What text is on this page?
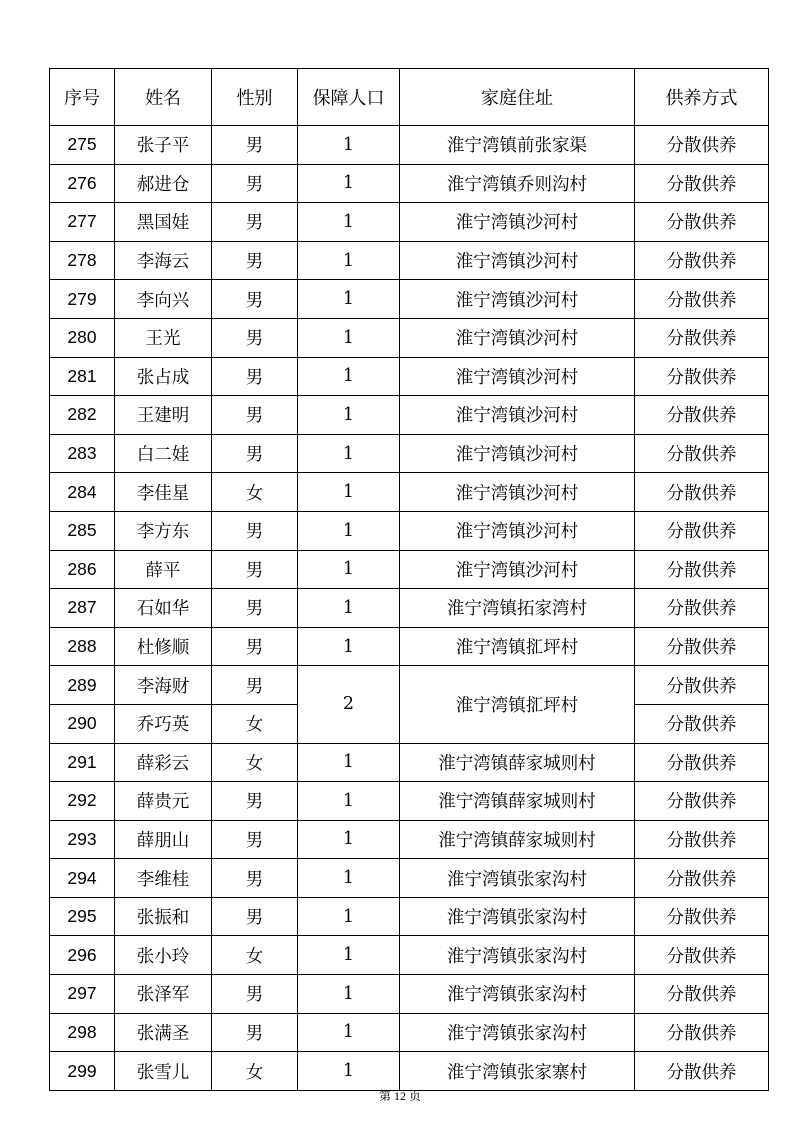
序号	姓名	性别	保障人口	家庭住址	供养方式
275	张子平	男	1	淮宁湾镇前张家渠	分散供养
276	郝进仓	男	1	淮宁湾镇乔则沟村	分散供养
277	黑国娃	男	1	淮宁湾镇沙河村	分散供养
278	李海云	男	1	淮宁湾镇沙河村	分散供养
279	李向兴	男	1	淮宁湾镇沙河村	分散供养
280	王光	男	1	淮宁湾镇沙河村	分散供养
281	张占成	男	1	淮宁湾镇沙河村	分散供养
282	王建明	男	1	淮宁湾镇沙河村	分散供养
283	白二娃	男	1	淮宁湾镇沙河村	分散供养
284	李佳星	女	1	淮宁湾镇沙河村	分散供养
285	李方东	男	1	淮宁湾镇沙河村	分散供养
286	薛平	男	1	淮宁湾镇沙河村	分散供养
287	石如华	男	1	淮宁湾镇拓家湾村	分散供养
288	杜修顺	男	1	淮宁湾镇㧟坪村	分散供养
289	李海财	男	2	淮宁湾镇㧟坪村	分散供养
290	乔巧英	女			分散供养
291	薛彩云	女	1	淮宁湾镇薛家城则村	分散供养
292	薛贵元	男	1	淮宁湾镇薛家城则村	分散供养
293	薛朋山	男	1	淮宁湾镇薛家城则村	分散供养
294	李维桂	男	1	淮宁湾镇张家沟村	分散供养
295	张振和	男	1	淮宁湾镇张家沟村	分散供养
296	张小玲	女	1	淮宁湾镇张家沟村	分散供养
297	张泽军	男	1	淮宁湾镇张家沟村	分散供养
298	张满圣	男	1	淮宁湾镇张家沟村	分散供养
299	张雪儿	女	1	淮宁湾镇张家寨村	分散供养
第 12 页
